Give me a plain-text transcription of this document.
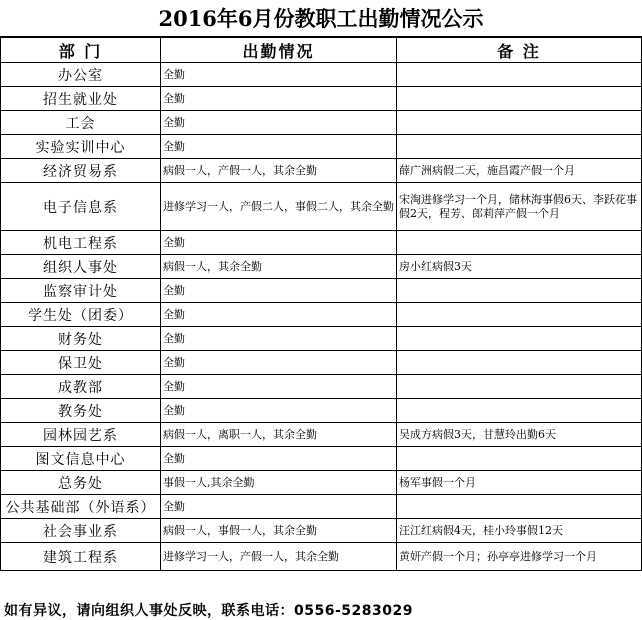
2016年6月份教职工出勤情况公示
部 门	出勤情况	备 注
办公室	全勤	
招生就业处	全勤	
工会	全勤	
实验实训中心	全勤	
经济贸易系	病假一人，产假一人，其余全勤	薛广洲病假二天，施昌霞产假一个月
电子信息系	进修学习一人，产假二人，事假二人，其余全勤	宋淘进修学习一个月，储林海事假6天、李跃花事假2天，程芳、郎莉萍产假一个月
机电工程系	全勤	
组织人事处	病假一人，其余全勤	房小红病假3天
监察审计处	全勤	
学生处（团委）	全勤	
财务处	全勤	
保卫处	全勤	
成教部	全勤	
教务处	全勤	
园林园艺系	病假一人，离职一人，其余全勤	吴成方病假3天，甘慧玲出勤6天
图文信息中心	全勤	
总务处	事假一人,其余全勤	杨军事假一个月
公共基础部（外语系）	全勤	
社会事业系	病假一人，事假一人，其余全勤	汪江红病假4天，桂小玲事假12天
建筑工程系	进修学习一人，产假一人，其余全勤	黄妍产假一个月；孙亭亭进修学习一个月
如有异议，请向组织人事处反映，联系电话：0556-5283029
